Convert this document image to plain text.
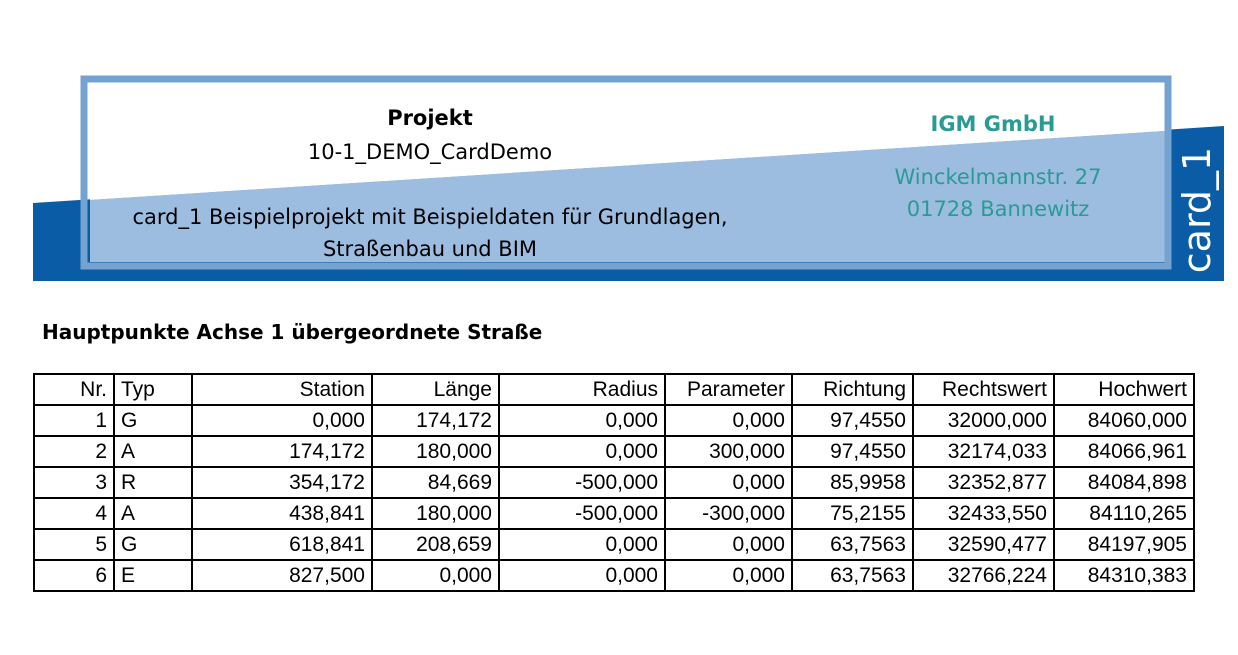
Projekt
10-1_DEMO_CardDemo
card_1 Beispielprojekt mit Beispieldaten für Grundlagen,
Straßenbau und BIM
IGM GmbH
Winckelmannstr. 27
01728 Bannewitz	card_1
Hauptpunkte Achse 1 übergeordnete Straße
Nr.	Typ	Station	Länge	Radius	Parameter	Richtung	Rechtswert	Hochwert
1	G	0,000	174,172	0,000	0,000	97,4550	32000,000	84060,000
2	A	174,172	180,000	0,000	300,000	97,4550	32174,033	84066,961
3	R	354,172	84,669	-500,000	0,000	85,9958	32352,877	84084,898
4	A	438,841	180,000	-500,000	-300,000	75,2155	32433,550	84110,265
5	G	618,841	208,659	0,000	0,000	63,7563	32590,477	84197,905
6	E	827,500	0,000	0,000	0,000	63,7563	32766,224	84310,383
